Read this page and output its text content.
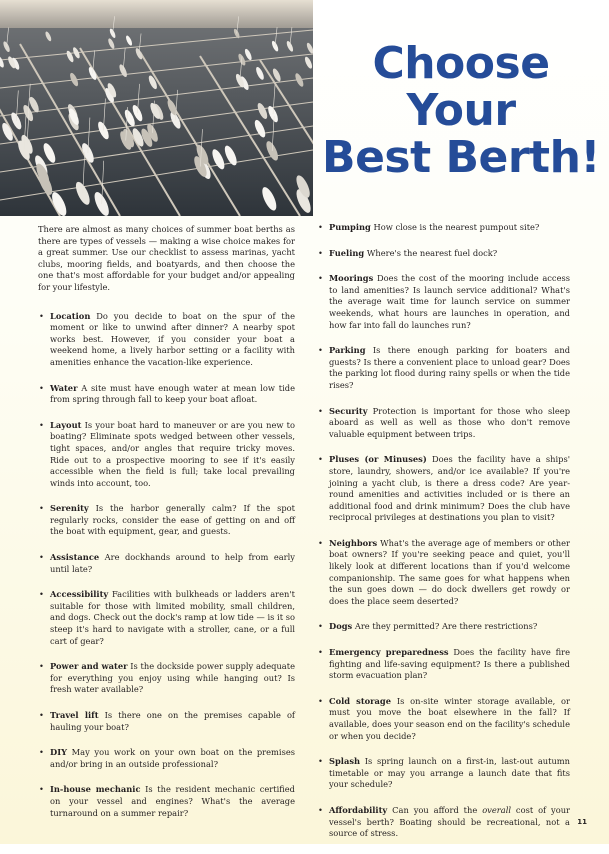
Choose
Your
Best Berth!

There are almost as many choices of summer boat berths as there are types of vessels — making a wise choice makes for a great summer. Use our checklist to assess marinas, yacht clubs, mooring fields, and boatyards, and then choose the one that's most affordable for your budget and/or appealing for your lifestyle.

• Location Do you decide to boat on the spur of the moment or like to unwind after dinner? A nearby spot works best. However, if you consider your boat a weekend home, a lively harbor setting or a facility with amenities enhance the vacation-like experience.
• Water A site must have enough water at mean low tide from spring through fall to keep your boat afloat.
• Layout Is your boat hard to maneuver or are you new to boating? Eliminate spots wedged between other vessels, tight spaces, and/or angles that require tricky moves. Ride out to a prospective mooring to see if it's easily accessible when the field is full; take local prevailing winds into account, too.
• Serenity Is the harbor generally calm? If the spot regularly rocks, consider the ease of getting on and off the boat with equipment, gear, and guests.
• Assistance Are dockhands around to help from early until late?
• Accessibility Facilities with bulkheads or ladders aren't suitable for those with limited mobility, small children, and dogs. Check out the dock's ramp at low tide — is it so steep it's hard to navigate with a stroller, cane, or a full cart of gear?
• Power and water Is the dockside power supply adequate for everything you enjoy using while hanging out? Is fresh water available?
• Travel lift Is there one on the premises capable of hauling your boat?
• DIY May you work on your own boat on the premises and/or bring in an outside professional?
• In-house mechanic Is the resident mechanic certified on your vessel and engines? What's the average turnaround on a summer repair?
• Pumping How close is the nearest pumpout site?
• Fueling Where's the nearest fuel dock?
• Moorings Does the cost of the mooring include access to land amenities? Is launch service additional? What's the average wait time for launch service on summer weekends, what hours are launches in operation, and how far into fall do launches run?
• Parking Is there enough parking for boaters and guests? Is there a convenient place to unload gear? Does the parking lot flood during rainy spells or when the tide rises?
• Security Protection is important for those who sleep aboard as well as well as those who don't remove valuable equipment between trips.
• Pluses (or Minuses) Does the facility have a ships' store, laundry, showers, and/or ice available? If you're joining a yacht club, is there a dress code? Are year-round amenities and activities included or is there an additional food and drink minimum? Does the club have reciprocal privileges at destinations you plan to visit?
• Neighbors What's the average age of members or other boat owners? If you're seeking peace and quiet, you'll likely look at different locations than if you'd welcome companionship. The same goes for what happens when the sun goes down — do dock dwellers get rowdy or does the place seem deserted?
• Dogs Are they permitted? Are there restrictions?
• Emergency preparedness Does the facility have fire fighting and life-saving equipment? Is there a published storm evacuation plan?
• Cold storage Is on-site winter storage available, or must you move the boat elsewhere in the fall? If available, does your season end on the facility's schedule or when you decide?
• Splash Is spring launch on a first-in, last-out autumn timetable or may you arrange a launch date that fits your schedule?
• Affordability Can you afford the overall cost of your vessel's berth? Boating should be recreational, not a source of stress.
11
